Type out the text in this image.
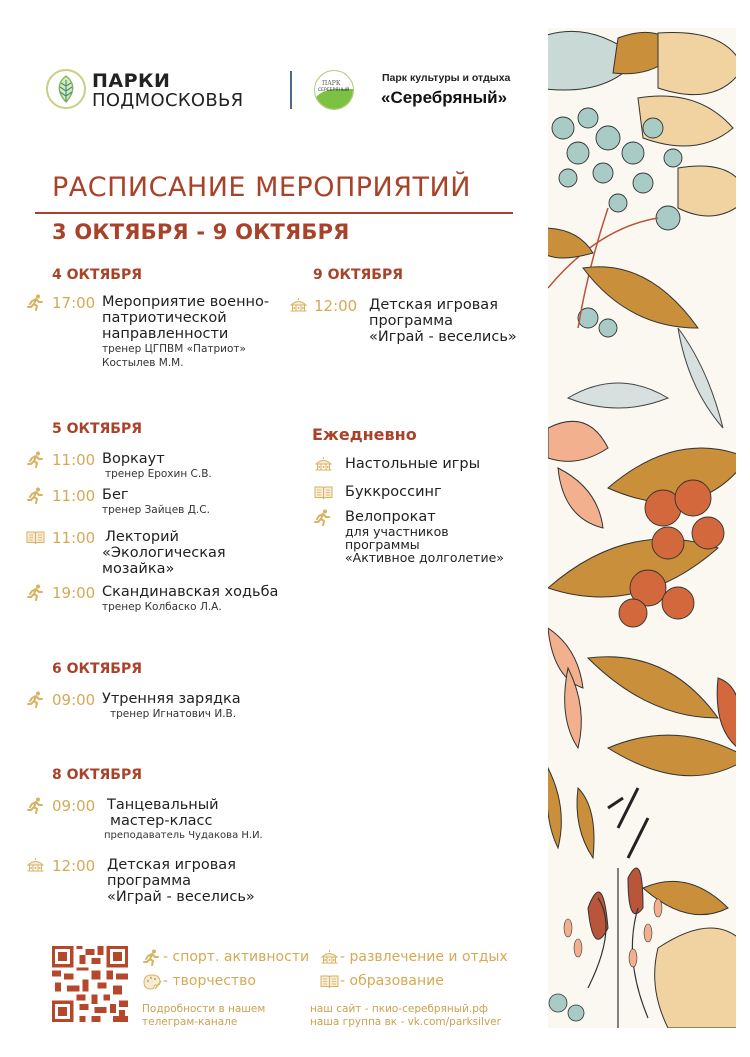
ПАРКИ
ПОДМОСКОВЬЯ
ПАРК
СЕРЕБРЯНЫЙ
Парк культуры и отдыха
«Серебряный»
РАСПИСАНИЕ МЕРОПРИЯТИЙ
3 ОКТЯБРЯ - 9 ОКТЯБРЯ
4 ОКТЯБРЯ
17:00 Мероприятие военно-
патриотической
направленности
тренер ЦГПВМ «Патриот»
Костылев М.М.
5 ОКТЯБРЯ
11:00 Воркаут
тренер Ерохин С.В.
11:00 Бег
тренер Зайцев Д.С.
11:00 Лекторий
«Экологическая
мозайка»
19:00 Скандинавская ходьба
тренер Колбаско Л.А.
6 ОКТЯБРЯ
09:00 Утренняя зарядка
тренер Игнатович И.В.
8 ОКТЯБРЯ
09:00 Танцевальный
мастер-класс
преподаватель Чудакова Н.И.
12:00 Детская игровая
программа
«Играй - веселись»
9 ОКТЯБРЯ
12:00 Детская игровая
программа
«Играй - веселись»
Ежедневно
Настольные игры
Буккроссинг
Велопрокат
для участников
программы
«Активное долголетие»
- спорт. активности - развлечение и отдых
- творчество	- образование
Подробности в нашем
телеграм-канале
наш сайт - пкио-серебряный.рф
наша группа вк - vk.com/parksilver
